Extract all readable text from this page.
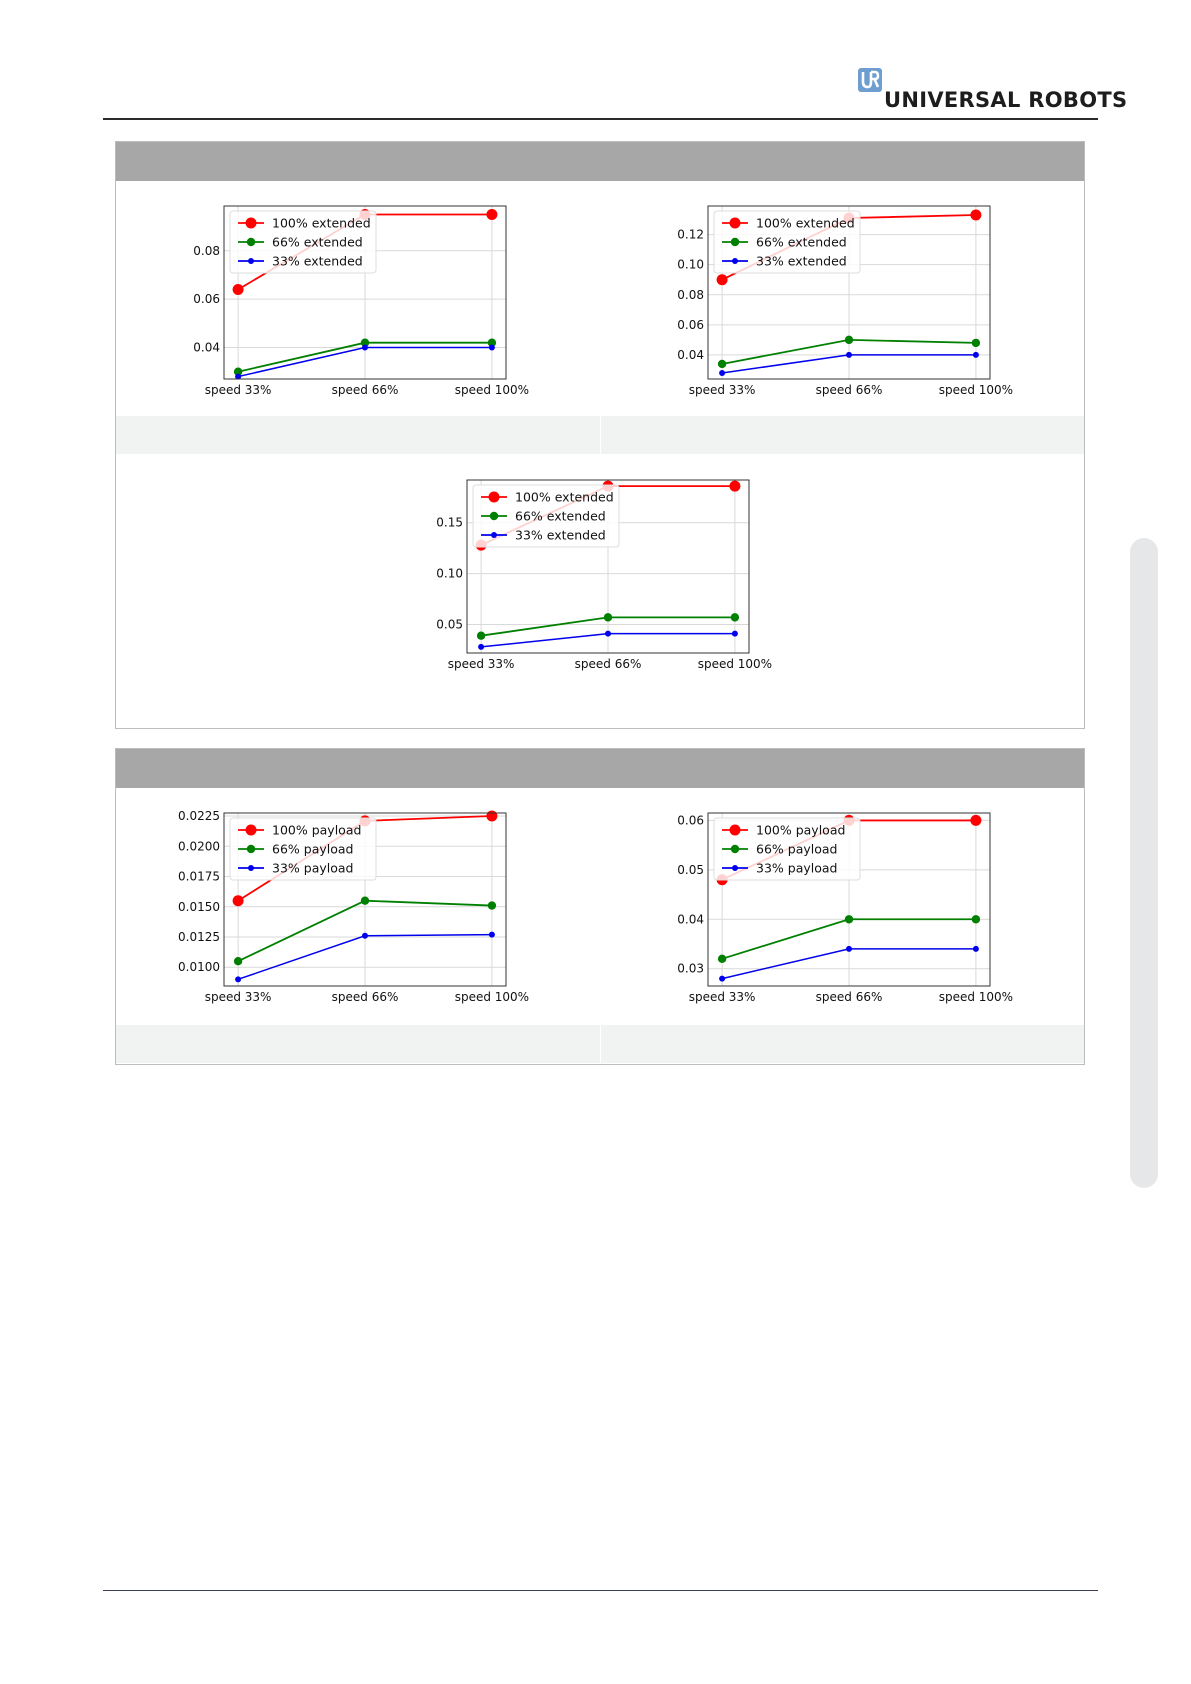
UNIVERSAL ROBOTS
0.04
0.06
0.08
speed 33%	speed 66%	speed 100%
100% extended
66% extended
33% extended
0.04
0.06
0.08
0.10
0.12
speed 33%	speed 66%	speed 100%
100% extended
66% extended
33% extended
0.05
0.10
0.15
speed 33%	speed 66%	speed 100%
100% extended
66% extended
33% extended
0.0100
0.0125
0.0150
0.0175
0.0200
0.0225
speed 33%	speed 66%	speed 100%
100% payload
66% payload
33% payload
0.03
0.04
0.05
0.06
speed 33%	speed 66%	speed 100%
100% payload
66% payload
33% payload
